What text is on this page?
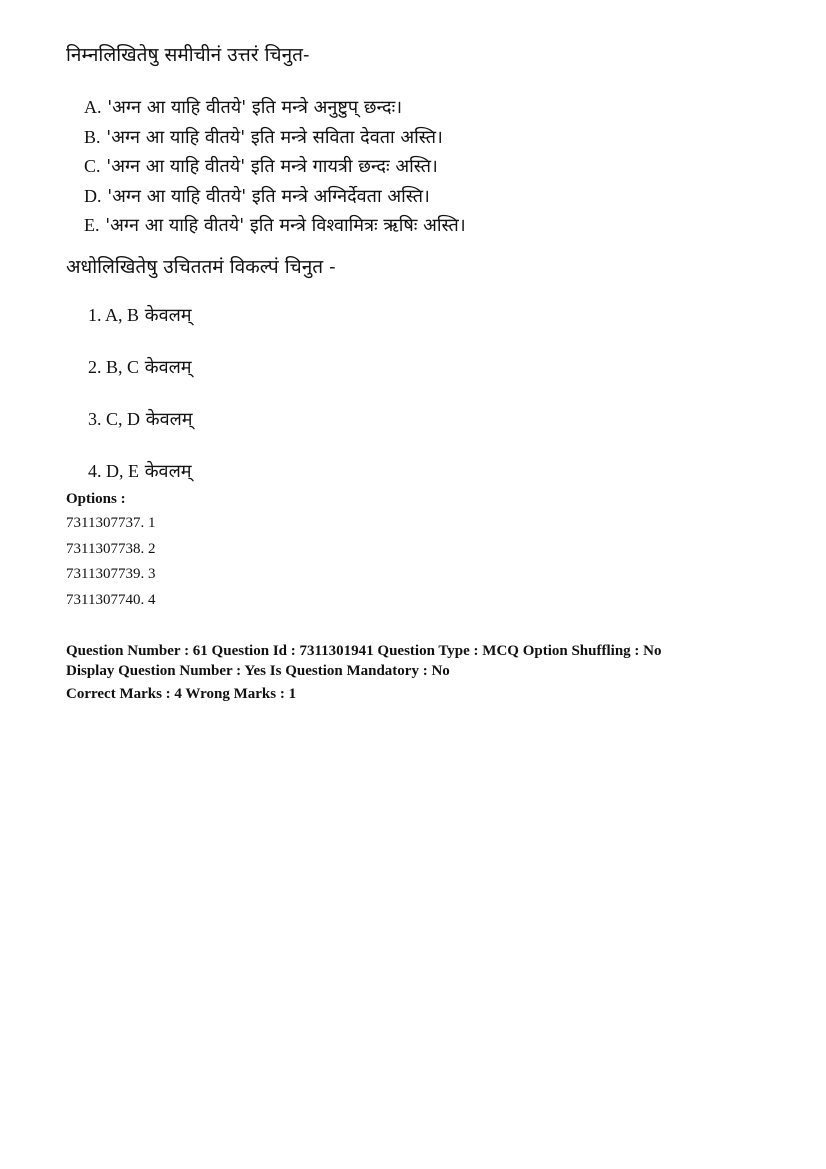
निम्नलिखितेषु समीचीनं उत्तरं चिनुत-
A. 'अग्न आ याहि वीतये' इति मन्त्रे अनुष्टुप् छन्दः।
B. 'अग्न आ याहि वीतये' इति मन्त्रे सविता देवता अस्ति।
C. 'अग्न आ याहि वीतये' इति मन्त्रे गायत्री छन्दः अस्ति।
D. 'अग्न आ याहि वीतये' इति मन्त्रे अग्निर्देवता अस्ति।
E. 'अग्न आ याहि वीतये' इति मन्त्रे विश्वामित्रः ऋषिः अस्ति।
अधोलिखितेषु उचिततमं विकल्पं चिनुत -
1. A, B केवलम्
2. B, C केवलम्
3. C, D केवलम्
4. D, E केवलम्
Options :
7311307737. 1
7311307738. 2
7311307739. 3
7311307740. 4
Question Number : 61 Question Id : 7311301941 Question Type : MCQ Option Shuffling : No
Display Question Number : Yes Is Question Mandatory : No
Correct Marks : 4 Wrong Marks : 1
